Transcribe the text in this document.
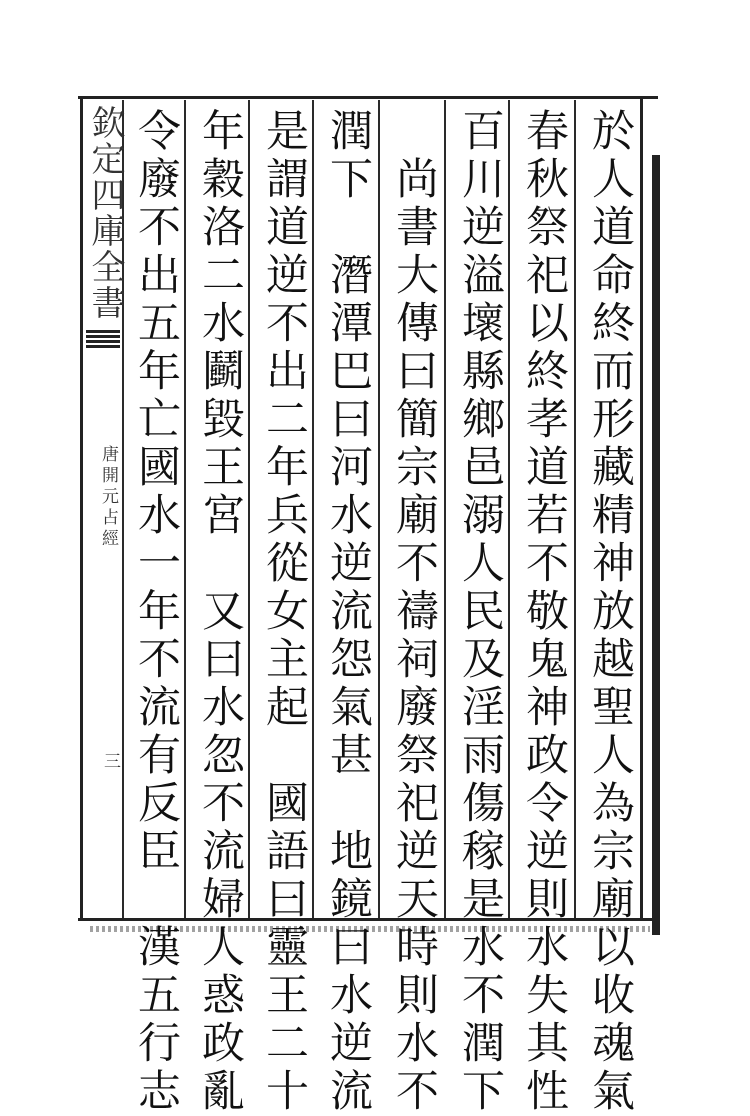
欽定四庫全書
唐開元占經
三	於人道命終而形藏精神放越聖人為宗廟以收魂氣
春秋祭祀以終孝道若不敬鬼神政令逆則水失其性
百川逆溢壞縣鄉邑溺人民及淫雨傷稼是水不潤下
　尚書大傳曰簡宗廟不禱祠廢祭祀逆天時則水不
潤下　潛潭巴曰河水逆流怨氣甚　地鏡曰水逆流
是謂道逆不出二年兵從女主起　國語曰靈王二十
年穀洛二水鬬毀王宮　又曰水忽不流婦人惑政亂
令廢不出五年亡國水一年不流有反臣　漢五行志
